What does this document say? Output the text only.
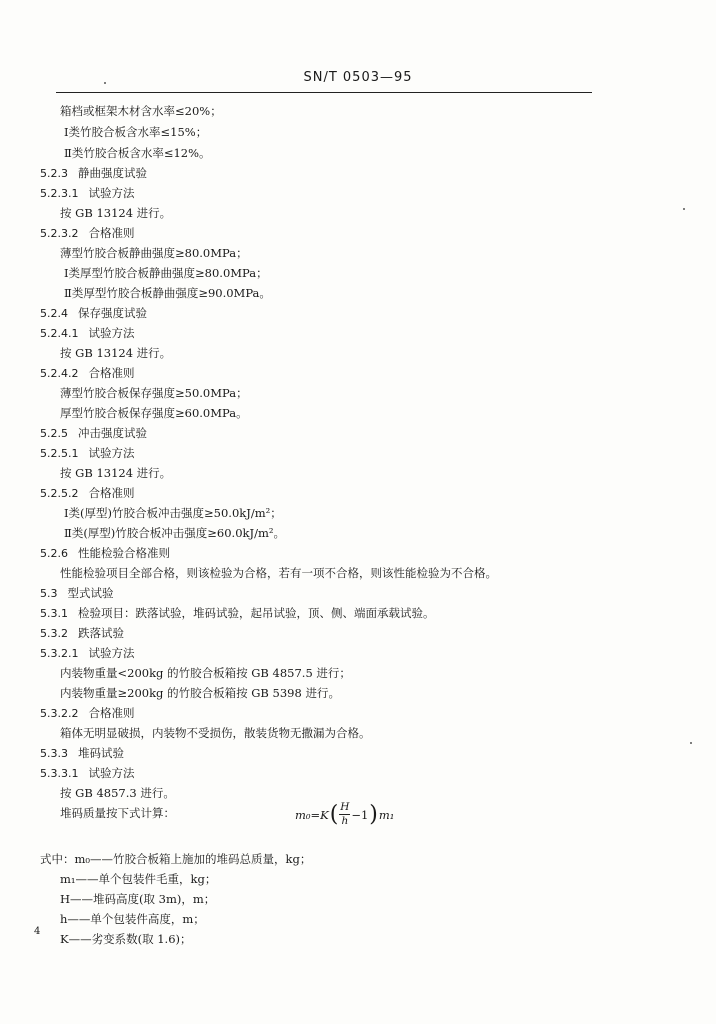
SN/T 0503—95
箱档或框架木材含水率≤20%；
Ⅰ类竹胶合板含水率≤15%；
Ⅱ类竹胶合板含水率≤12%。
5.2.3 静曲强度试验
5.2.3.1 试验方法
按 GB 13124 进行。
5.2.3.2 合格准则
薄型竹胶合板静曲强度≥80.0MPa；
Ⅰ类厚型竹胶合板静曲强度≥80.0MPa；
Ⅱ类厚型竹胶合板静曲强度≥90.0MPa。
5.2.4 保存强度试验
5.2.4.1 试验方法
按 GB 13124 进行。
5.2.4.2 合格准则
薄型竹胶合板保存强度≥50.0MPa；
厚型竹胶合板保存强度≥60.0MPa。
5.2.5 冲击强度试验
5.2.5.1 试验方法
按 GB 13124 进行。
5.2.5.2 合格准则
Ⅰ类(厚型)竹胶合板冲击强度≥50.0kJ/m²；
Ⅱ类(厚型)竹胶合板冲击强度≥60.0kJ/m²。
5.2.6 性能检验合格准则
性能检验项目全部合格，则该检验为合格，若有一项不合格，则该性能检验为不合格。
5.3 型式试验
5.3.1 检验项目：跌落试验，堆码试验，起吊试验，顶、侧、端面承载试验。
5.3.2 跌落试验
5.3.2.1 试验方法
内装物重量<200kg 的竹胶合板箱按 GB 4857.5 进行；
内装物重量≥200kg 的竹胶合板箱按 GB 5398 进行。
5.3.2.2 合格准则
箱体无明显破损，内装物不受损伤，散装货物无撒漏为合格。
5.3.3 堆码试验
5.3.3.1 试验方法
按 GB 4857.3 进行。
堆码质量按下式计算：
式中：m₀——竹胶合板箱上施加的堆码总质量，kg；
m₁——单个包装件毛重，kg；
H——堆码高度(取 3m)，m；
h——单个包装件高度，m；
K——劣变系数(取 1.6)；
m₀=K ( $\frac{H}{h} -1$ ) m₁
4
